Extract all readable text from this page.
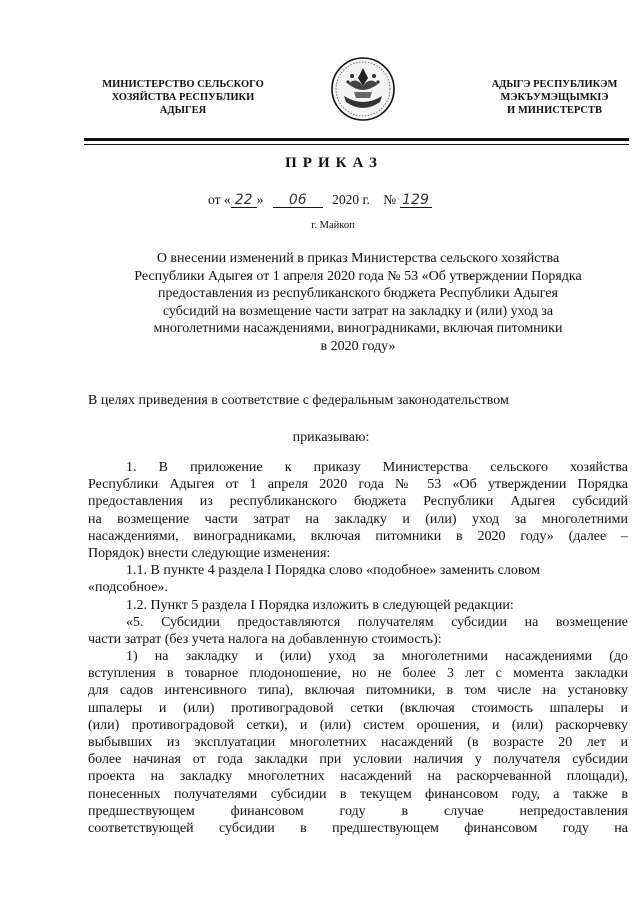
МИНИСТЕРСТВО СЕЛЬСКОГО
ХОЗЯЙСТВА РЕСПУБЛИКИ
АДЫГЕЯ
АДЫГЭ РЕСПУБЛИКЭМ
МЭКЪУМЭЩЫМКІЭ
И МИНИСТЕРСТВ
ПРИКАЗ
от « 22 » 06 2020 г. № 129
г. Майкоп
О внесении изменений в приказ Министерства сельского хозяйства
Республики Адыгея от 1 апреля 2020 года № 53 «Об утверждении Порядка
предоставления из республиканского бюджета Республики Адыгея
субсидий на возмещение части затрат на закладку и (или) уход за
многолетними насаждениями, виноградниками, включая питомники
в 2020 году»
В целях приведения в соответствие с федеральным законодательством
приказываю:
1. В приложение к приказу Министерства сельского хозяйства
Республики Адыгея от 1 апреля 2020 года № 53 «Об утверждении Порядка
предоставления из республиканского бюджета Республики Адыгея субсидий
на возмещение части затрат на закладку и (или) уход за многолетними
насаждениями, виноградниками, включая питомники в 2020 году» (далее –
Порядок) внести следующие изменения:
1.1. В пункте 4 раздела I Порядка слово «подобное» заменить словом
«подсобное».
1.2. Пункт 5 раздела I Порядка изложить в следующей редакции:
«5. Субсидии предоставляются получателям субсидии на возмещение
части затрат (без учета налога на добавленную стоимость):
1) на закладку и (или) уход за многолетними насаждениями (до
вступления в товарное плодоношение, но не более 3 лет с момента закладки
для садов интенсивного типа), включая питомники, в том числе на установку
шпалеры и (или) противоградовой сетки (включая стоимость шпалеры и
(или) противоградовой сетки), и (или) систем орошения, и (или) раскорчевку
выбывших из эксплуатации многолетних насаждений (в возрасте 20 лет и
более начиная от года закладки при условии наличия у получателя субсидии
проекта на закладку многолетних насаждений на раскорчеванной площади),
понесенных получателями субсидии в текущем финансовом году, а также в
предшествующем финансовом году в случае непредоставления
соответствующей субсидии в предшествующем финансовом году на
